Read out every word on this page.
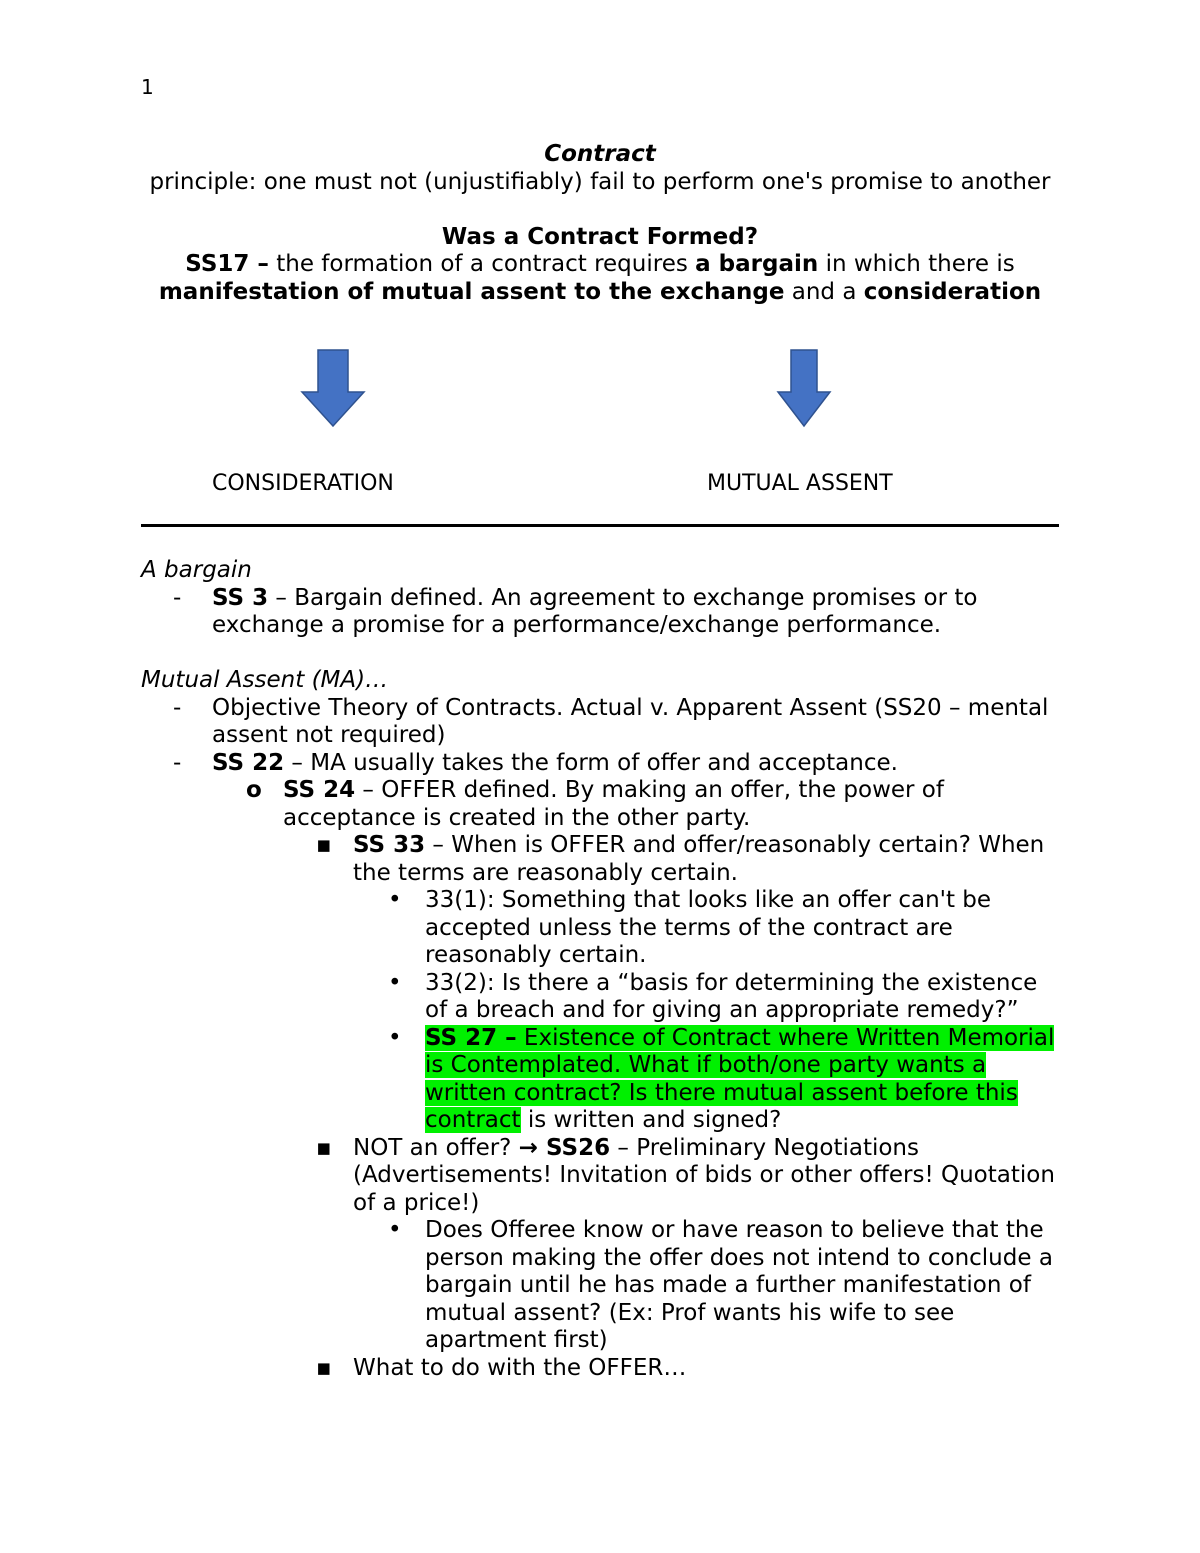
1

Contract

principle: one must not (unjustifiably) fail to perform one's promise to another

Was a Contract Formed?

SS17 – the formation of a contract requires a bargain in which there is manifestation of mutual assent to the exchange and a consideration

CONSIDERATION	MUTUAL ASSENT

A bargain

-	SS 3 – Bargain defined. An agreement to exchange promises or to exchange a promise for a performance/exchange performance.

Mutual Assent (MA)…

-	Objective Theory of Contracts. Actual v. Apparent Assent (SS20 – mental assent not required)
-	SS 22 – MA usually takes the form of offer and acceptance.
o SS 24 – OFFER defined. By making an offer, the power of acceptance is created in the other party.
▪ SS 33 – When is OFFER and offer/reasonably certain? When the terms are reasonably certain.
•	33(1): Something that looks like an offer can't be accepted unless the terms of the contract are reasonably certain.
•	33(2): Is there a “basis for determining the existence of a breach and for giving an appropriate remedy?”
•	SS 27 – Existence of Contract where Written Memorial is Contemplated. What if both/one party wants a written contract? Is there mutual assent before this contract is written and signed?
▪ NOT an offer? → SS26 – Preliminary Negotiations (Advertisements! Invitation of bids or other offers! Quotation of a price!)
•	Does Offeree know or have reason to believe that the person making the offer does not intend to conclude a bargain until he has made a further manifestation of mutual assent? (Ex: Prof wants his wife to see apartment first)
▪ What to do with the OFFER…
